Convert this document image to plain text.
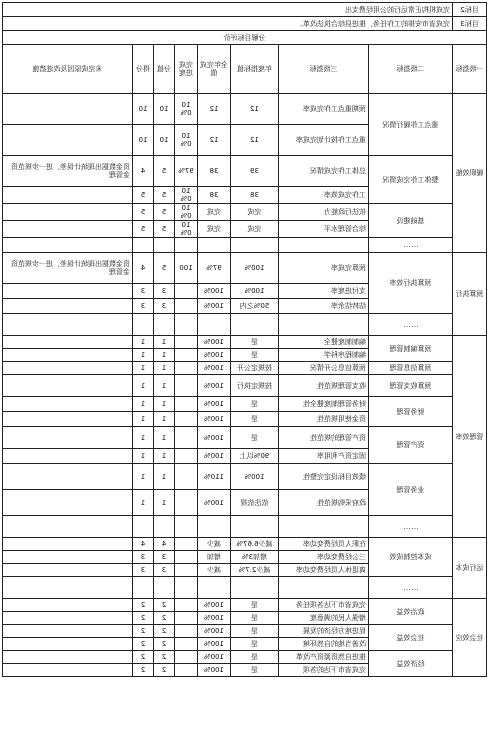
目标2	完成机构正常运行的公用经费支出							
目标3	完成省市安排的工作任务，推进县综合执法改革。							
分解目标评价								
一级指标	二级指标	三级指标	年度指标值	全年完成值	完成进度	分值	得分	未完成原因及改进措施
履职效能	重点工作履行情况	预期重点工作完成率	12	12	100%	10	10	
		重点工作按计划完成率	12	12	100%	10	10	
	整体工作完成情况	总体工作完成情况	39	38	97%	5	4	资金数据出现统计误差，进一步规范资金管理
		工作完成效率	38	38	100%	5	5	
	基础建设	依法行政能力	完成	完成	100%	5	5	
		综合管理水平	完成	完成	100%	5	5	
	……							
预算执行	预算执行效率	预算完成率	100%	97%	100	5	4	资金数据出现统计误差，进一步规范资金管理
		支付进度率	100%	100%		3	3	
		结转结余率	50%之内	100%		3	3	
	……							
管理效率	预算编制管理	编制制度健全	是	100%		1	1	
		编制程序科学	是	100%		1	1	
	预算信息管理	预算信息公开情况	按规定公开	100%		1	1	
	预算收支管理	收支管理规范性	按规定执行	100%		1	1	
	财务管理	财务管理制度健全性	是	100%		1	1	
		资金使用规范性	是	100%		1	1	
	资产管理	资产管理的规范性	是	100%		1	1	
		固定资产利用率	90%以上	100%		1	1	
	业务管理	绩效目标设定完整性	100%	110%		1	1	
		政府采购规范性	依法依规	100%		1	1	
	……							
运行成本	成本控制成效	在职人员经费变动率	减少6.67%	减少		4	4	
		三公经费变动率	增加3%	增加		3	3	
		离退休人员经费变动率	减少2.7%	减少		3	3	
	……							
社会效应	政治效益	完成省市下达各项任务	是	100%		2	2	
		增强人民的满意度	是	100%		2	2	
	社会效益	促进地方经济的发展	是	100%		2	2	
		改善当地的自然环境	是	100%		2	2	
	经济效益	推进自然资源资产改革	是	100%		2	2	
		完成省市下达的各项	是	100%		2	2	
